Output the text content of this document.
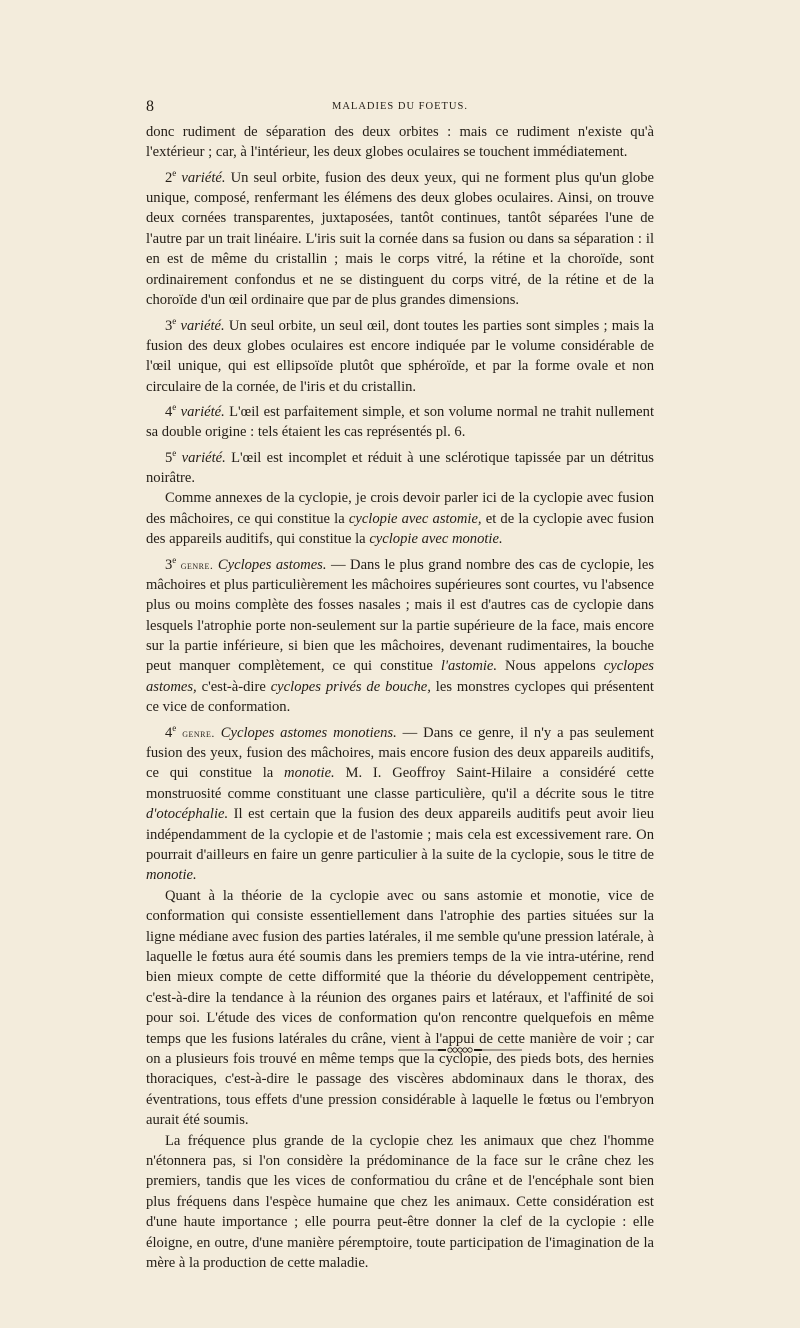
8	MALADIES DU FOETUS.

donc rudiment de séparation des deux orbites : mais ce rudiment n'existe qu'à l'extérieur ; car, à l'intérieur, les deux globes oculaires se touchent immédiatement.

2e variété. Un seul orbite, fusion des deux yeux, qui ne forment plus qu'un globe unique, composé, renfermant les élémens des deux globes oculaires. Ainsi, on trouve deux cornées transparentes, juxtaposées, tantôt continues, tantôt séparées l'une de l'autre par un trait linéaire. L'iris suit la cornée dans sa fusion ou dans sa séparation : il en est de même du cristallin ; mais le corps vitré, la rétine et la choroïde, sont ordinairement confondus et ne se distinguent du corps vitré, de la rétine et de la choroïde d'un œil ordinaire que par de plus grandes dimensions.

3e variété. Un seul orbite, un seul œil, dont toutes les parties sont simples ; mais la fusion des deux globes oculaires est encore indiquée par le volume considérable de l'œil unique, qui est ellipsoïde plutôt que sphéroïde, et par la forme ovale et non circulaire de la cornée, de l'iris et du cristallin.

4e variété. L'œil est parfaitement simple, et son volume normal ne trahit nullement sa double origine : tels étaient les cas représentés pl. 6.

5e variété. L'œil est incomplet et réduit à une sclérotique tapissée par un détritus noirâtre.

Comme annexes de la cyclopie, je crois devoir parler ici de la cyclopie avec fusion des mâchoires, ce qui constitue la cyclopie avec astomie, et de la cyclopie avec fusion des appareils auditifs, qui constitue la cyclopie avec monotie.

3e genre. Cyclopes astomes. — Dans le plus grand nombre des cas de cyclopie, les mâchoires et plus particulièrement les mâchoires supérieures sont courtes, vu l'absence plus ou moins complète des fosses nasales ; mais il est d'autres cas de cyclopie dans lesquels l'atrophie porte non-seulement sur la partie supérieure de la face, mais encore sur la partie inférieure, si bien que les mâchoires, devenant rudimentaires, la bouche peut manquer complètement, ce qui constitue l'astomie. Nous appelons cyclopes astomes, c'est-à-dire cyclopes privés de bouche, les monstres cyclopes qui présentent ce vice de conformation.

4e genre. Cyclopes astomes monotiens. — Dans ce genre, il n'y a pas seulement fusion des yeux, fusion des mâchoires, mais encore fusion des deux appareils auditifs, ce qui constitue la monotie. M. I. Geoffroy Saint-Hilaire a considéré cette monstruosité comme constituant une classe particulière, qu'il a décrite sous le titre d'otocéphalie. Il est certain que la fusion des deux appareils auditifs peut avoir lieu indépendamment de la cyclopie et de l'astomie ; mais cela est excessivement rare. On pourrait d'ailleurs en faire un genre particulier à la suite de la cyclopie, sous le titre de monotie.

Quant à la théorie de la cyclopie avec ou sans astomie et monotie, vice de conformation qui consiste essentiellement dans l'atrophie des parties situées sur la ligne médiane avec fusion des parties latérales, il me semble qu'une pression latérale, à laquelle le fœtus aura été soumis dans les premiers temps de la vie intra-utérine, rend bien mieux compte de cette difformité que la théorie du développement centripète, c'est-à-dire la tendance à la réunion des organes pairs et latéraux, et l'affinité de soi pour soi. L'étude des vices de conformation qu'on rencontre quelquefois en même temps que les fusions latérales du crâne, vient à l'appui de cette manière de voir ; car on a plusieurs fois trouvé en même temps que la cyclopie, des pieds bots, des hernies thoraciques, c'est-à-dire le passage des viscères abdominaux dans le thorax, des éventrations, tous effets d'une pression considérable à laquelle le fœtus ou l'embryon aurait été soumis.

La fréquence plus grande de la cyclopie chez les animaux que chez l'homme n'étonnera pas, si l'on considère la prédominance de la face sur le crâne chez les premiers, tandis que les vices de conformatiou du crâne et de l'encéphale sont bien plus fréquens dans l'espèce humaine que chez les animaux. Cette considération est d'une haute importance ; elle pourra peut-être donner la clef de la cyclopie : elle éloigne, en outre, d'une manière péremptoire, toute participation de l'imagination de la mère à la production de cette maladie.
